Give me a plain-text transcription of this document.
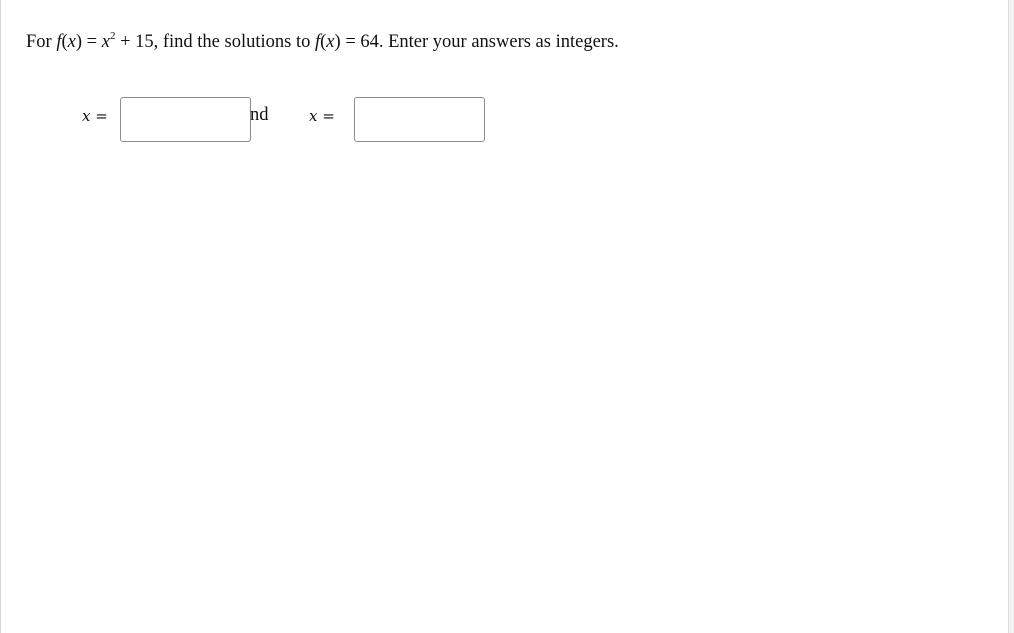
For $f(x) = x^2 + 15$, find the solutions to f(x) = 64. Enter your answers as integers.
x =	x =
nd
